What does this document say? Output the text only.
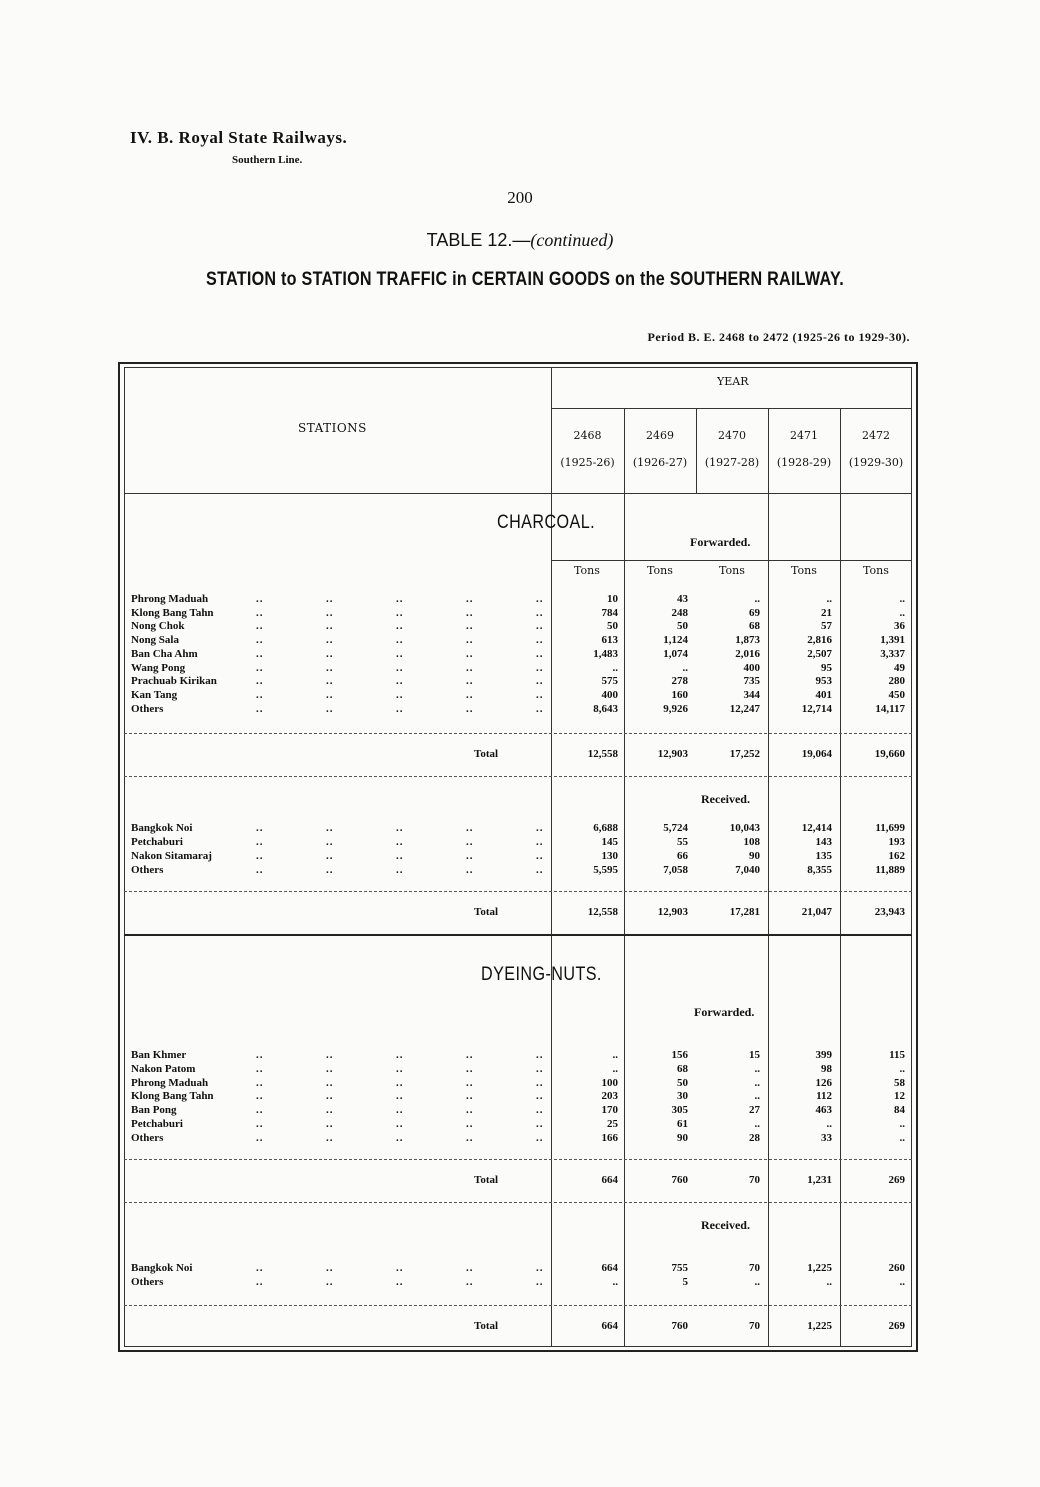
IV. B. Royal State Railways.
Southern Line.
200
TABLE 12.—(continued)
STATION to STATION TRAFFIC in CERTAIN GOODS on the SOUTHERN RAILWAY.
Period B. E. 2468 to 2472 (1925-26 to 1929-30).
STATIONS
YEAR
2468
(1925-26)
2469
(1926-27)
2470
(1927-28)
2471
(1928-29)
2472
(1929-30)
CHARCOAL.
Forwarded.
Tons	Tons	Tons	Tons	Tons
Phrong Maduah	..	..	..	..	..	10	43	..	..	..
Klong Bang Tahn	..	..	..	..	..	784	248	69	21	..
Nong Chok	..	..	..	..	..	50	50	68	57	36
Nong Sala	..	..	..	..	..	613	1,124	1,873	2,816	1,391
Ban Cha Ahm	..	..	..	..	..	1,483	1,074	2,016	2,507	3,337
Wang Pong	..	..	..	..	..	..	..	400	95	49
Prachuab Kirikan	..	..	..	..	..	575	278	735	953	280
Kan Tang	..	..	..	..	..	400	160	344	401	450
Others	..	..	..	..	..	8,643	9,926	12,247	12,714	14,117
Total	12,558	12,903	17,252	19,064	19,660
Received.
Bangkok Noi	..	..	..	..	..	6,688	5,724	10,043	12,414	11,699
Petchaburi	..	..	..	..	..	145	55	108	143	193
Nakon Sitamaraj	..	..	..	..	..	130	66	90	135	162
Others	..	..	..	..	..	5,595	7,058	7,040	8,355	11,889
Total	12,558	12,903	17,281	21,047	23,943
DYEING-NUTS.
Forwarded.
Ban Khmer	..	..	..	..	..	..	156	15	399	115
Nakon Patom	..	..	..	..	..	..	68	..	98	..
Phrong Maduah	..	..	..	..	..	100	50	..	126	58
Klong Bang Tahn	..	..	..	..	..	203	30	..	112	12
Ban Pong	..	..	..	..	..	170	305	27	463	84
Petchaburi	..	..	..	..	..	25	61	..	..	..
Others	..	..	..	..	..	166	90	28	33	..
Total	664	760	70	1,231	269
Received.
Bangkok Noi	..	..	..	..	..	664	755	70	1,225	260
Others	..	..	..	..	..	..	5	..	..	..
Total	664	760	70	1,225	269
